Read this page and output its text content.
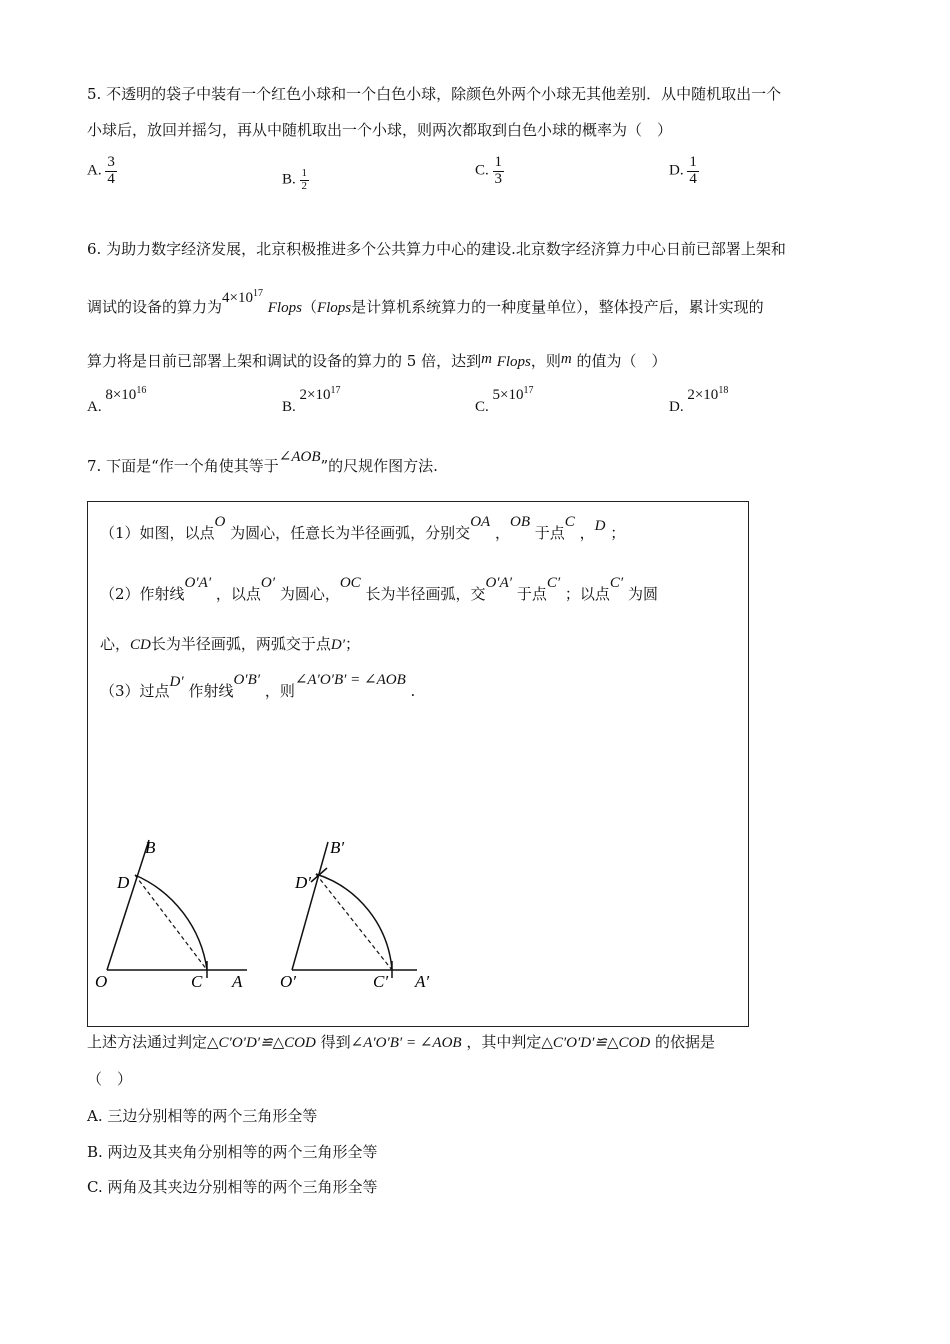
5. 不透明的袋子中装有一个红色小球和一个白色小球，除颜色外两个小球无其他差别．从中随机取出一个
小球后，放回并摇匀，再从中随机取出一个小球，则两次都取到白色小球的概率为（　）
A. $\frac{3}{4}$	B. $\frac{1}{2}$	C. $\frac{1}{3}$	D. $\frac{1}{4}$
6. 为助力数字经济发展，北京积极推进多个公共算力中心的建设.北京数字经济算力中心日前已部署上架和
调试的设备的算力为$4\times 10^{17}$ Flops（Flops是计算机系统算力的一种度量单位），整体投产后，累计实现的
算力将是日前已部署上架和调试的设备的算力的 5 倍，达到m Flops，则m 的值为（　）
A. $8\times 10^{16}$
B. $2\times 10^{17}$
C. $5\times 10^{17}$
D. $2\times 10^{18}$
7. 下面是“作一个角使其等于∠AOB”的尺规作图方法.
（1）如图，以点O 为圆心，任意长为半径画弧，分别交OA ，OB 于点C ，D ；
（2）作射线O′A′ ，以点O′ 为圆心，OC 长为半径画弧，交O′A′ 于点C′ ；以点C′ 为圆
心，CD长为半径画弧，两弧交于点D′；
（3）过点D′ 作射线O′B′ ，则∠A′O′B′ = ∠AOB .
B
D
O	C A
B′
D′
O′	C′ A′
上述方法通过判定△C′O′D′≌△COD 得到∠A′O′B′ = ∠AOB ，其中判定△C′O′D′≌△COD 的依据是
（　）
A. 三边分别相等的两个三角形全等
B. 两边及其夹角分别相等的两个三角形全等
C. 两角及其夹边分别相等的两个三角形全等
